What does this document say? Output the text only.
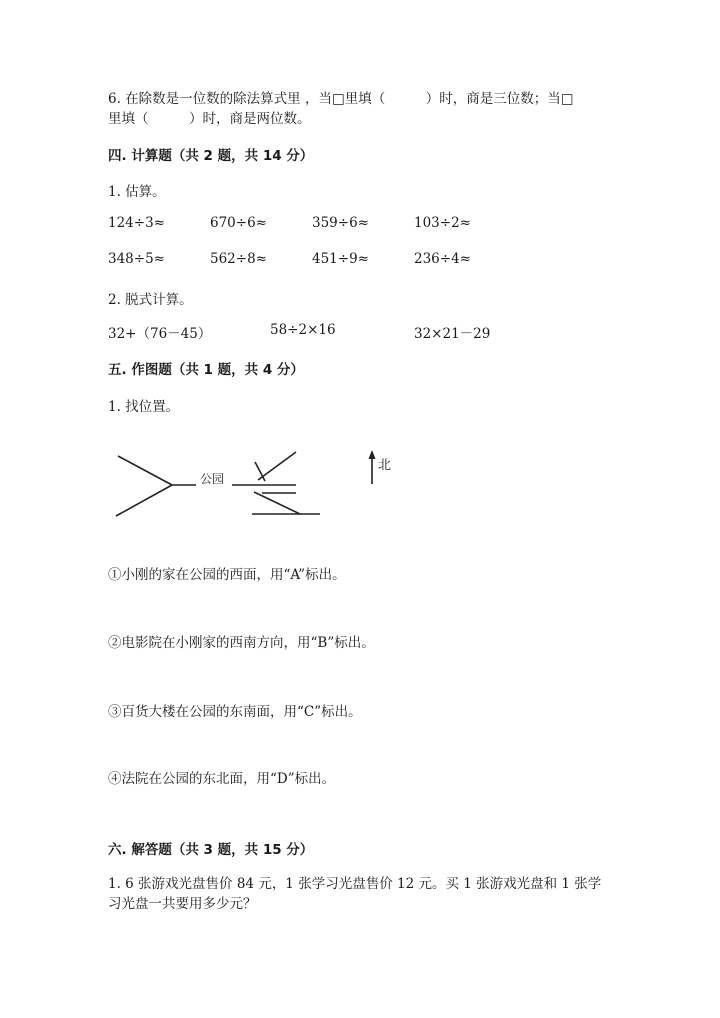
6. 在除数是一位数的除法算式里 ，当□里填（　　　）时，商是三位数；当□
里填（　　　）时，商是两位数。
四. 计算题（共 2 题，共 14 分）
1. 估算。
124÷3≈	670÷6≈	359÷6≈	103÷2≈
348÷5≈	562÷8≈	451÷9≈	236÷4≈
2. 脱式计算。
32+（76－45）	58÷2×16	32×21－29
五. 作图题（共 1 题，共 4 分）
1. 找位置。
公园
北
①小刚的家在公园的西面，用“A”标出。
②电影院在小刚家的西南方向，用“B”标出。
③百货大楼在公园的东南面，用“C”标出。
④法院在公园的东北面，用“D”标出。
六. 解答题（共 3 题，共 15 分）
1. 6 张游戏光盘售价 84 元，1 张学习光盘售价 12 元。买 1 张游戏光盘和 1 张学
习光盘一共要用多少元？
